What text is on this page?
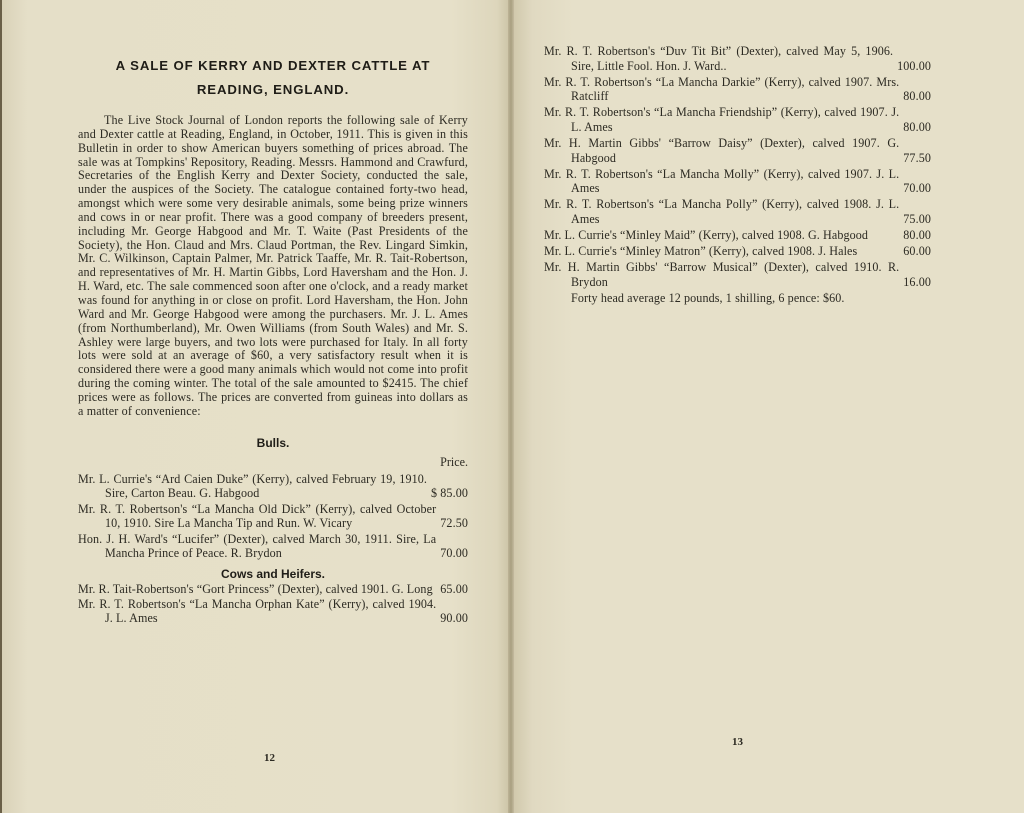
A SALE OF KERRY AND DEXTER CATTLE AT
READING, ENGLAND.

The Live Stock Journal of London reports the following sale of Kerry and Dexter cattle at Reading, England, in October, 1911. This is given in this Bulletin in order to show American buyers something of prices abroad. The sale was at Tompkins' Repository, Reading. Messrs. Hammond and Crawfurd, Secretaries of the English Kerry and Dexter Society, conducted the sale, under the auspices of the Society. The catalogue contained forty-two head, amongst which were some very desirable animals, some being prize winners and cows in or near profit. There was a good company of breeders present, including Mr. George Habgood and Mr. T. Waite (Past Presidents of the Society), the Hon. Claud and Mrs. Claud Portman, the Rev. Lingard Simkin, Mr. C. Wilkinson, Captain Palmer, Mr. Patrick Taaffe, Mr. R. Tait-Robertson, and representatives of Mr. H. Martin Gibbs, Lord Haversham and the Hon. J. H. Ward, etc. The sale commenced soon after one o'clock, and a ready market was found for anything in or close on profit. Lord Haversham, the Hon. John Ward and Mr. George Habgood were among the purchasers. Mr. J. L. Ames (from Northumberland), Mr. Owen Williams (from South Wales) and Mr. S. Ashley were large buyers, and two lots were purchased for Italy. In all forty lots were sold at an average of $60, a very satisfactory result when it is considered there were a good many animals which would not come into profit during the coming winter. The total of the sale amounted to $2415. The chief prices were as follows. The prices are converted from guineas into dollars as a matter of convenience:

Bulls.
Price.
Mr. L. Currie's “Ard Caien Duke” (Kerry), calved February 19, 1910. Sire, Carton Beau. G. Habgood	$ 85.00
Mr. R. T. Robertson's “La Mancha Old Dick” (Kerry), calved October 10, 1910. Sire La Mancha Tip and Run. W. Vicary	72.50
Hon. J. H. Ward's “Lucifer” (Dexter), calved March 30, 1911. Sire, La Mancha Prince of Peace. R. Brydon	70.00
Cows and Heifers.
Mr. R. Tait-Robertson's “Gort Princess” (Dexter), calved 1901. G. Long 65.00
Mr. R. T. Robertson's “La Mancha Orphan Kate” (Kerry), calved 1904. J. L. Ames	90.00
12
Mr. R. T. Robertson's “Duv Tit Bit” (Dexter), calved May 5, 1906. Sire, Little Fool. Hon. J. Ward..	100.00
Mr. R. T. Robertson's “La Mancha Darkie” (Kerry), calved 1907. Mrs. Ratcliff	80.00
Mr. R. T. Robertson's “La Mancha Friendship” (Kerry), calved 1907. J. L. Ames	80.00
Mr. H. Martin Gibbs' “Barrow Daisy” (Dexter), calved 1907. G. Habgood	77.50
Mr. R. T. Robertson's “La Mancha Molly” (Kerry), calved 1907. J. L. Ames	70.00
Mr. R. T. Robertson's “La Mancha Polly” (Kerry), calved 1908. J. L. Ames	75.00
Mr. L. Currie's “Minley Maid” (Kerry), calved 1908. G. Habgood	80.00
Mr. L. Currie's “Minley Matron” (Kerry), calved 1908. J. Hales	60.00
Mr. H. Martin Gibbs' “Barrow Musical” (Dexter), calved 1910. R. Brydon	16.00
Forty head average 12 pounds, 1 shilling, 6 pence: $60.
13
